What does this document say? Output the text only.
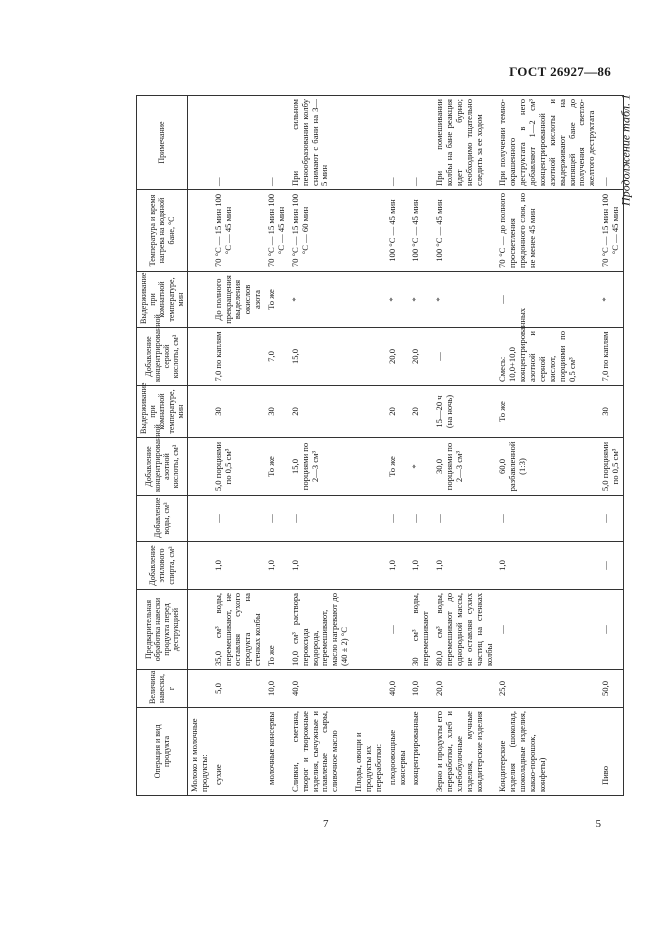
ГОСТ 26927—86
Продолжение табл. 1
Операция и вид продукта	Величина навески, г	Предварительная обработка навески продукта перед деструкцией	Добавление этилового спирта, см³	Добавление воды, см³	Добавление концентрированной азотной кислоты, см³	Выдерживание при комнатной температуре, мин	Добавление концентрированной серной кислоты, см³	Выдерживание при комнатной температуре, мин	Температура и время нагрева на водяной бане, °С	Примечание
Молоко и молочные продукты:										
сухие	5,0	35,0 см³ воды, перемешивают, не оставляя сухого продукта на стенках колбы	1,0	—	5,0 порциями по 0,5 см³	30	7,0 по каплям	До полного прекращения выделения окислов азота	70 °С — 15 мин 100 °С — 45 мин	—
молочные консервы	10,0	То же	1,0	—	То же	30	7,0	То же	70 °С — 15 мин 100 °С — 45 мин	—
Сливки, сметана, творог и творожные изделия, сычужные и плавленые сыры, сливочное масло	40,0	10,0 см³ раствора пероксида водорода, перемешивают, масло нагревают до (40 ± 2) °С	1,0	—	15,0 порциями по 2—3 см³	20	15,0	*	70 °С — 15 мин 100 °С — 60 мин	При сильном пенообразовании колбу снимают с бани на 3—5 мин
Плоды, овощи и продукты их переработки:										
плодоовощные консервы	40,0	—	1,0	—	То же	20	20,0	*	100 °С — 45 мин	—
концентрированные	10,0	30 см³ воды, перемешивают	1,0	—	*	20	20,0	*	100 °С — 45 мин	—
Зерно и продукты его переработки, хлеб и хлебобулочные изделия, мучные кондитерские изделия	20,0	80,0 см³ воды, перемешивают до однородной массы, не оставляя сухих частиц на стенках колбы	1,0	—	30,0 порциями по 2—3 см³	15—20 ч (на ночь)	—	*	100 °С — 45 мин	При помешивании колбы на бане реакция идет бурно; необходимо тщательно следить за ее ходом
Кондитерские изделия (шоколад, шоколадные изделия, какао-порошок, конфеты)	25,0	—	1,0	—	60,0 разбавленной (1:3)	То же	Смесь: 10,0+10,0 концентрированных азотной и серной кислот, порциями по 0,5 см³	—	70 °С — до полного просветления прядонного слоя, но не менее 45 мин	При получении темно-окрашенного деструктата в него добавляют 1—2 см³ концентрированной азотной кислоты и выдерживают на кипящей бане до получения светло-желтого деструктата
Пиво	50,0	—	—	—	5,0 порциями по 0,5 см³	30	7,0 по каплям	*	70 °С — 15 мин 100 °С — 45 мин	—
7	5
